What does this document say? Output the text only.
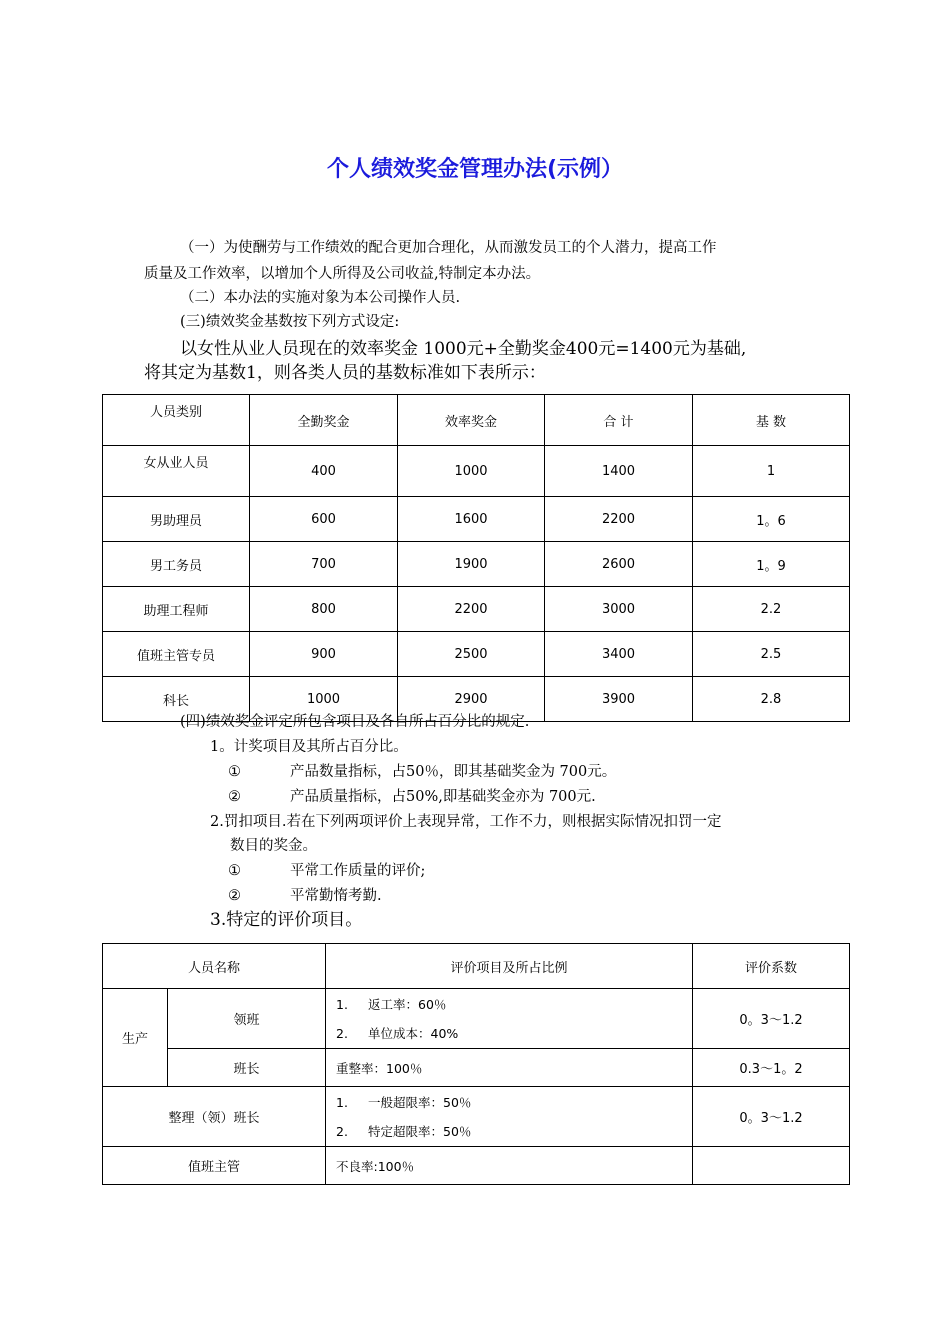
个人绩效奖金管理办法(示例）
（一）为使酬劳与工作绩效的配合更加合理化，从而激发员工的个人潜力，提高工作
质量及工作效率，以增加个人所得及公司收益,特制定本办法。
（二）本办法的实施对象为本公司操作人员.
(三)绩效奖金基数按下列方式设定:
以女性从业人员现在的效率奖金 1000元+全勤奖金400元=1400元为基础,
将其定为基数1，则各类人员的基数标准如下表所示：
人员类别	全勤奖金	效率奖金	合 计	基 数
女从业人员	400	1000	1400	1
男助理员	600	1600	2200	1。6
男工务员	700	1900	2600	1。9
助理工程师	800	2200	3000	2.2
值班主管专员	900	2500	3400	2.5
科长	1000	2900	3900	2.8
(四)绩效奖金评定所包含项目及各自所占百分比的规定.
1。计奖项目及其所占百分比。
①	产品数量指标，占50％，即其基础奖金为 700元。
②	产品质量指标，占50%,即基础奖金亦为 700元.
2.罚扣项目.若在下列两项评价上表现异常，工作不力，则根据实际情况扣罚一定
数目的奖金。
①	平常工作质量的评价;
②	平常勤惰考勤.
3.特定的评价项目。
人员名称		评价项目及所占比例	评价系数
生产	领班	1. 返工率：60％
2. 单位成本：40%	0。3～1.2
	班长	重整率：100％	0.3～1。2
整理（领）班长		1. 一般超限率：50％
2. 特定超限率：50％	0。3～1.2
值班主管		不良率:100％	
